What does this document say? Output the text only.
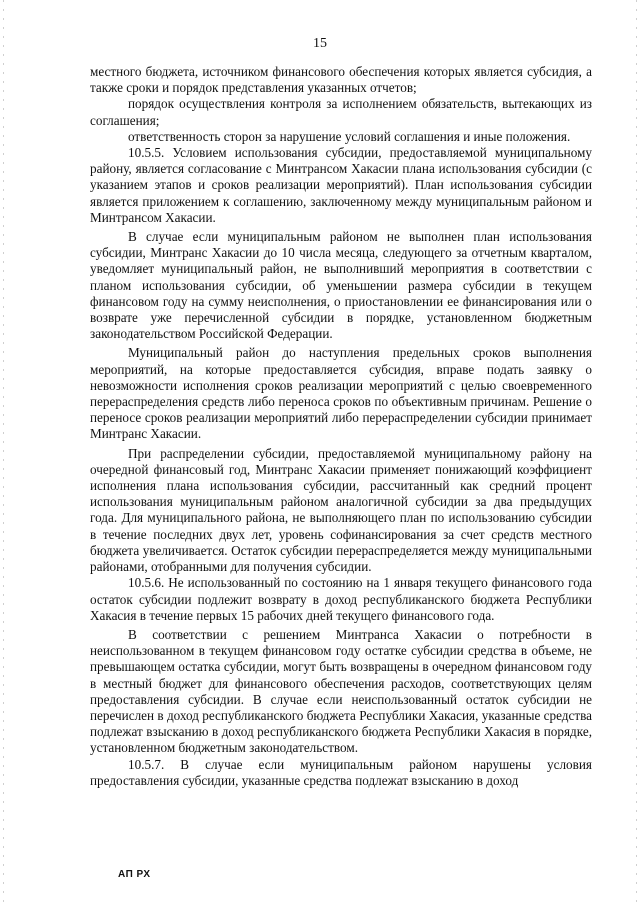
15

местного бюджета, источником финансового обеспечения которых является субсидия, а также сроки и порядок представления указанных отчетов;

порядок осуществления контроля за исполнением обязательств, вытекающих из соглашения;

ответственность сторон за нарушение условий соглашения и иные положения.

10.5.5. Условием использования субсидии, предоставляемой муниципальному району, является согласование с Минтрансом Хакасии плана использования субсидии (с указанием этапов и сроков реализации мероприятий). План использования субсидии является приложением к соглашению, заключенному между муниципальным районом и Минтрансом Хакасии.

В случае если муниципальным районом не выполнен план использования субсидии, Минтранс Хакасии до 10 числа месяца, следующего за отчетным кварталом, уведомляет муниципальный район, не выполнивший мероприятия в соответствии с планом использования субсидии, об уменьшении размера субсидии в текущем финансовом году на сумму неисполнения, о приостановлении ее финансирования или о возврате уже перечисленной субсидии в порядке, установленном бюджетным законодательством Российской Федерации.

Муниципальный район до наступления предельных сроков выполнения мероприятий, на которые предоставляется субсидия, вправе подать заявку о невозможности исполнения сроков реализации мероприятий с целью своевременного перераспределения средств либо переноса сроков по объективным причинам. Решение о переносе сроков реализации мероприятий либо перераспределении субсидии принимает Минтранс Хакасии.

При распределении субсидии, предоставляемой муниципальному району на очередной финансовый год, Минтранс Хакасии применяет понижающий коэффициент исполнения плана использования субсидии, рассчитанный как средний процент использования муниципальным районом аналогичной субсидии за два предыдущих года. Для муниципального района, не выполняющего план по использованию субсидии в течение последних двух лет, уровень софинансирования за счет средств местного бюджета увеличивается. Остаток субсидии перераспределяется между муниципальными районами, отобранными для получения субсидии.

10.5.6. Не использованный по состоянию на 1 января текущего финансового года остаток субсидии подлежит возврату в доход республиканского бюджета Республики Хакасия в течение первых 15 рабочих дней текущего финансового года.

В соответствии с решением Минтранса Хакасии о потребности в неиспользованном в текущем финансовом году остатке субсидии средства в объеме, не превышающем остатка субсидии, могут быть возвращены в очередном финансовом году в местный бюджет для финансового обеспечения расходов, соответствующих целям предоставления субсидии. В случае если неиспользованный остаток субсидии не перечислен в доход республиканского бюджета Республики Хакасия, указанные средства подлежат взысканию в доход республиканского бюджета Республики Хакасия в порядке, установленном бюджетным законодательством.

10.5.7. В случае если муниципальным районом нарушены условия предоставления субсидии, указанные средства подлежат взысканию в доход

АП РХ
